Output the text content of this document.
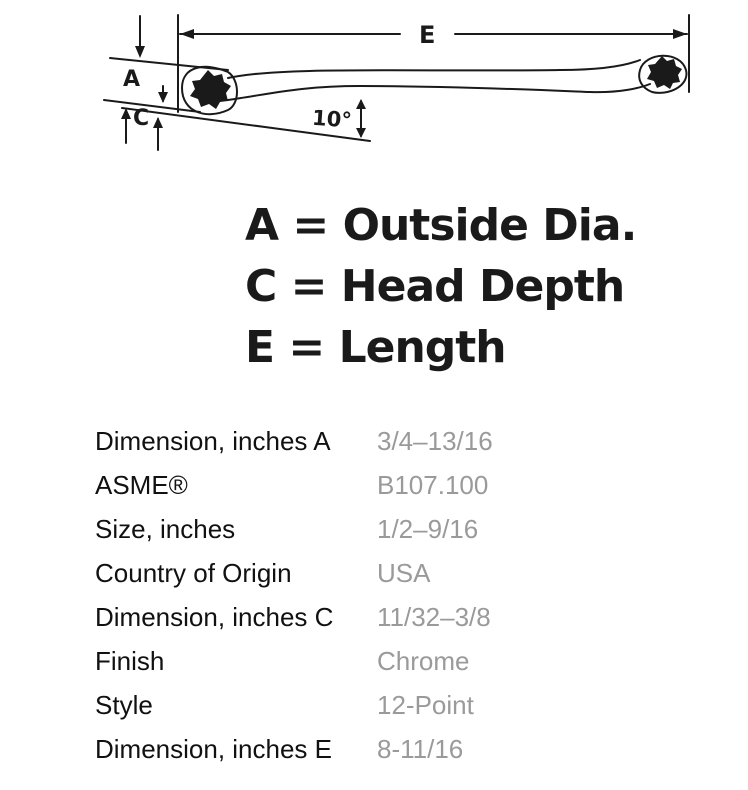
E
A
C	10°
A = Outside Dia.
C = Head Depth
E = Length
Dimension, inches A	3/4–13/16
ASME®	B107.100
Size, inches	1/2–9/16
Country of Origin	USA
Dimension, inches C	11/32–3/8
Finish	Chrome
Style	12-Point
Dimension, inches E	8-11/16
